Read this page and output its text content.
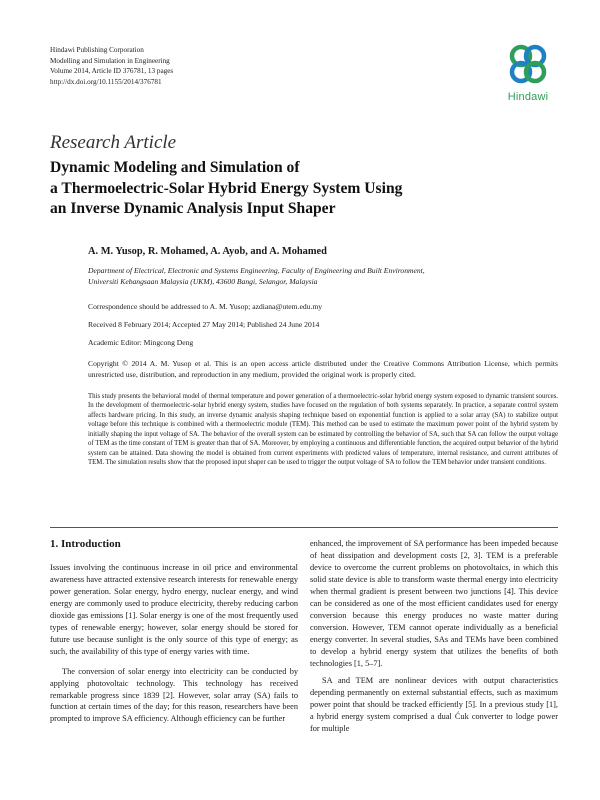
Hindawi Publishing Corporation
Modelling and Simulation in Engineering
Volume 2014, Article ID 376781, 13 pages
http://dx.doi.org/10.1155/2014/376781
Hindawi
Research Article
Dynamic Modeling and Simulation of
a Thermoelectric-Solar Hybrid Energy System Using
an Inverse Dynamic Analysis Input Shaper
A. M. Yusop, R. Mohamed, A. Ayob, and A. Mohamed
Department of Electrical, Electronic and Systems Engineering, Faculty of Engineering and Built Environment,
Universiti Kebangsaan Malaysia (UKM), 43600 Bangi, Selangor, Malaysia
Correspondence should be addressed to A. M. Yusop; azdiana@utem.edu.my
Received 8 February 2014; Accepted 27 May 2014; Published 24 June 2014
Academic Editor: Mingcong Deng
Copyright © 2014 A. M. Yusop et al. This is an open access article distributed under the Creative Commons Attribution License, which permits unrestricted use, distribution, and reproduction in any medium, provided the original work is properly cited.
This study presents the behavioral model of thermal temperature and power generation of a thermoelectric-solar hybrid energy system exposed to dynamic transient sources. In the development of thermoelectric-solar hybrid energy system, studies have focused on the regulation of both systems separately. In practice, a separate control system affects hardware pricing. In this study, an inverse dynamic analysis shaping technique based on exponential function is applied to a solar array (SA) to stabilize output voltage before this technique is combined with a thermoelectric module (TEM). This method can be used to estimate the maximum power point of the hybrid system by initially shaping the input voltage of SA. The behavior of the overall system can be estimated by controlling the behavior of SA, such that SA can follow the output voltage of TEM as the time constant of TEM is greater than that of SA. Moreover, by employing a continuous and differentiable function, the acquired output behavior of the hybrid system can be attained. Data showing the model is obtained from current experiments with predicted values of temperature, internal resistance, and current attributes of TEM. The simulation results show that the proposed input shaper can be used to trigger the output voltage of SA to follow the TEM behavior under transient conditions.
1. Introduction

Issues involving the continuous increase in oil price and environmental awareness have attracted extensive research interests for renewable energy power generation. Solar energy, hydro energy, nuclear energy, and wind energy are commonly used to produce electricity, thereby reducing carbon dioxide gas emissions [1]. Solar energy is one of the most frequently used types of renewable energy; however, solar energy should be stored for future use because sunlight is the only source of this type of energy; as such, the availability of this type of energy varies with time.

The conversion of solar energy into electricity can be conducted by applying photovoltaic technology. This technology has received remarkable progress since 1839 [2]. However, solar array (SA) fails to function at certain times of the day; for this reason, researchers have been prompted to improve SA efficiency. Although efficiency can be further

enhanced, the improvement of SA performance has been impeded because of heat dissipation and development costs [2, 3]. TEM is a preferable device to overcome the current problems on photovoltaics, in which this solid state device is able to transform waste thermal energy into electricity when thermal gradient is present between two junctions [4]. This device can be considered as one of the most efficient candidates used for energy conversion because this energy produces no waste matter during conversion. However, TEM cannot operate individually as a beneficial energy converter. In several studies, SAs and TEMs have been combined to develop a hybrid energy system that utilizes the benefits of both technologies [1, 5–7].

SA and TEM are nonlinear devices with output characteristics depending permanently on external substantial effects, such as maximum power point that should be tracked efficiently [5]. In a previous study [1], a hybrid energy system comprised a dual Ćuk converter to lodge power for multiple
